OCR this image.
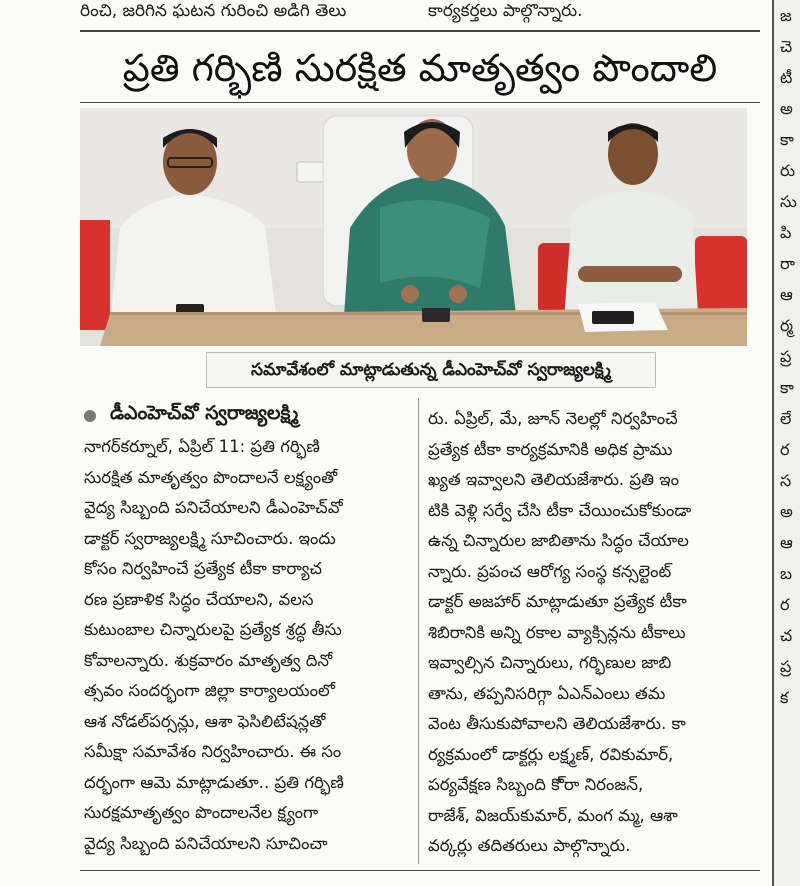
రించి, జరిగిన ఘటన గురించి అడిగి తెలు	కార్యకర్తలు పాల్గొన్నారు.
ప్రతి గర్భిణి సురక్షిత మాతృత్వం పొందాలి
సమావేశంలో మాట్లాడుతున్న డీఎంహెచ్‌వో స్వరాజ్యలక్ష్మి
డీఎంహెచ్‌వో స్వరాజ్యలక్ష్మి
నాగర్‌కర్నూల్, ఏప్రిల్ 11: ప్రతి గర్భిణి
సురక్షిత మాతృత్వం పొందాలనే లక్ష్యంతో
వైద్య సిబ్బంది పనిచేయాలని డీఎంహెచ్‌వో
డాక్టర్ స్వరాజ్యలక్ష్మి సూచించారు. ఇందు
కోసం నిర్వహించే ప్రత్యేక టీకా కార్యాచ
రణ ప్రణాళిక సిద్ధం చేయాలని, వలస
కుటుంబాల చిన్నారులపై ప్రత్యేక శ్రద్ధ తీసు
కోవాలన్నారు. శుక్రవారం మాతృత్వ దినో
త్సవం సందర్భంగా జిల్లా కార్యాలయంలో
ఆశ నోడల్‌పర్సన్లు, ఆశా ఫెసిలిటేషన్లతో
సమీక్షా సమావేశం నిర్వహించారు. ఈ సం
దర్భంగా ఆమె మాట్లాడుతూ.. ప్రతి గర్భిణి
సురక్షమాతృత్వం పొందాలనేల క్ష్యంగా
వైద్య సిబ్బంది పనిచేయాలని సూచించా
రు. ఏప్రిల్, మే, జూన్ నెలల్లో నిర్వహించే
ప్రత్యేక టీకా కార్యక్రమానికి అధిక ప్రాము
ఖ్యత ఇవ్వాలని తెలియజేశారు. ప్రతి ఇం
టికి వెళ్లి సర్వే చేసి టీకా చేయించుకోకుండా
ఉన్న చిన్నారుల జాబితాను సిద్ధం చేయాల
న్నారు. ప్రపంచ ఆరోగ్య సంస్థ కన్సల్టెంట్
డాక్టర్ అజహార్ మాట్లాడుతూ ప్రత్యేక టీకా
శిబిరానికి అన్ని రకాల వ్యాక్సిన్లను టీకాలు
ఇవ్వాల్సిన చిన్నారులు, గర్భిణుల జాబి
తాను, తప్పనిసరిగ్గా ఏఎన్‌ఎంలు తమ
వెంట తీసుకుపోవాలని తెలియజేశారు. కా
ర్యక్రమంలో డాక్టర్లు లక్ష్మణ్, రవికుమార్,
పర్యవేక్షణ సిబ్బంది కొ్రా నిరంజన్,
రాజేశ్, విజయ్‌కుమార్, మంగ మ్మ, ఆశా
వర్కర్లు తదితరులు పాల్గొన్నారు.
జ
చె
టీ
అ
కా
రు
సు
పి
రా
ఆ
ర్మ
ప్ర
కా
లే
ర
స
అ
ఆ
బ
ర
చ
ప్ర
క
